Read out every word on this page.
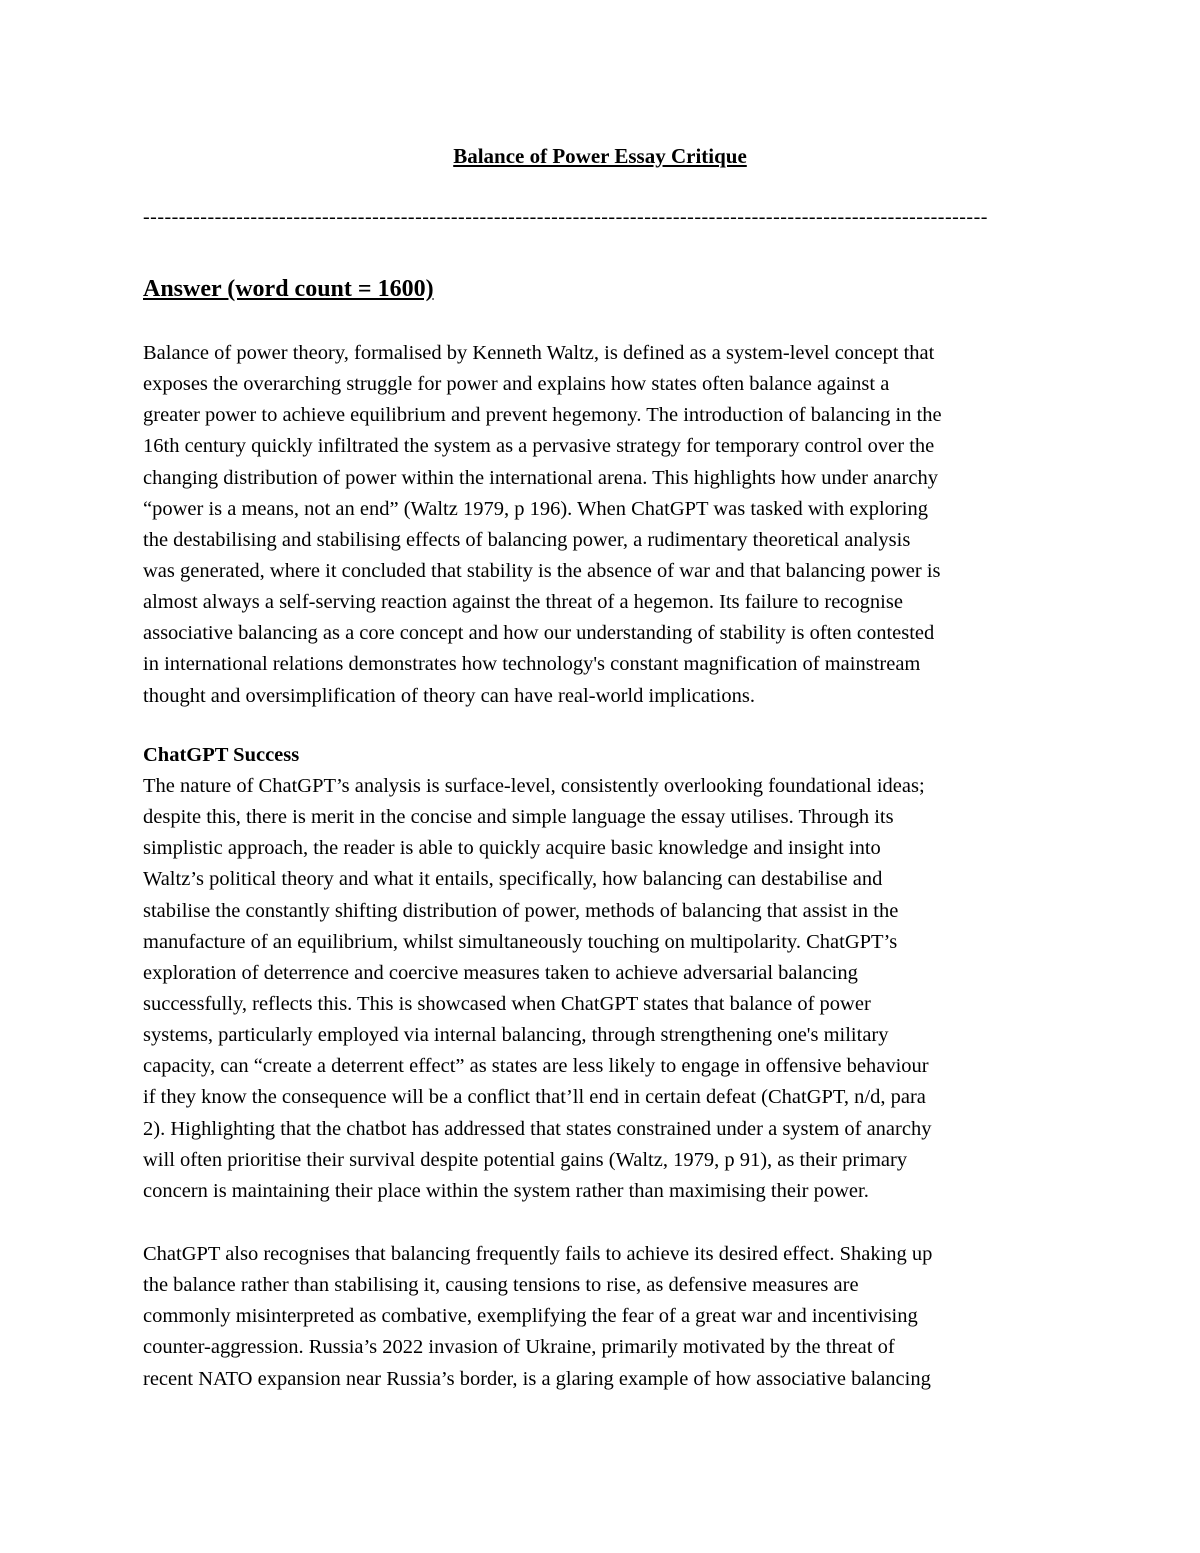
Balance of Power Essay Critique
----------------------------------------------------------------------------------------------------------------------
Answer (word count = 1600)
Balance of power theory, formalised by Kenneth Waltz, is defined as a system-level concept that
exposes the overarching struggle for power and explains how states often balance against a
greater power to achieve equilibrium and prevent hegemony. The introduction of balancing in the
16th century quickly infiltrated the system as a pervasive strategy for temporary control over the
changing distribution of power within the international arena. This highlights how under anarchy
“power is a means, not an end” (Waltz 1979, p 196). When ChatGPT was tasked with exploring
the destabilising and stabilising effects of balancing power, a rudimentary theoretical analysis
was generated, where it concluded that stability is the absence of war and that balancing power is
almost always a self-serving reaction against the threat of a hegemon. Its failure to recognise
associative balancing as a core concept and how our understanding of stability is often contested
in international relations demonstrates how technology's constant magnification of mainstream
thought and oversimplification of theory can have real-world implications.
ChatGPT Success
The nature of ChatGPT’s analysis is surface-level, consistently overlooking foundational ideas;
despite this, there is merit in the concise and simple language the essay utilises. Through its
simplistic approach, the reader is able to quickly acquire basic knowledge and insight into
Waltz’s political theory and what it entails, specifically, how balancing can destabilise and
stabilise the constantly shifting distribution of power, methods of balancing that assist in the
manufacture of an equilibrium, whilst simultaneously touching on multipolarity. ChatGPT’s
exploration of deterrence and coercive measures taken to achieve adversarial balancing
successfully, reflects this. This is showcased when ChatGPT states that balance of power
systems, particularly employed via internal balancing, through strengthening one's military
capacity, can “create a deterrent effect” as states are less likely to engage in offensive behaviour
if they know the consequence will be a conflict that’ll end in certain defeat (ChatGPT, n/d, para
2). Highlighting that the chatbot has addressed that states constrained under a system of anarchy
will often prioritise their survival despite potential gains (Waltz, 1979, p 91), as their primary
concern is maintaining their place within the system rather than maximising their power.
ChatGPT also recognises that balancing frequently fails to achieve its desired effect. Shaking up
the balance rather than stabilising it, causing tensions to rise, as defensive measures are
commonly misinterpreted as combative, exemplifying the fear of a great war and incentivising
counter-aggression. Russia’s 2022 invasion of Ukraine, primarily motivated by the threat of
recent NATO expansion near Russia’s border, is a glaring example of how associative balancing
